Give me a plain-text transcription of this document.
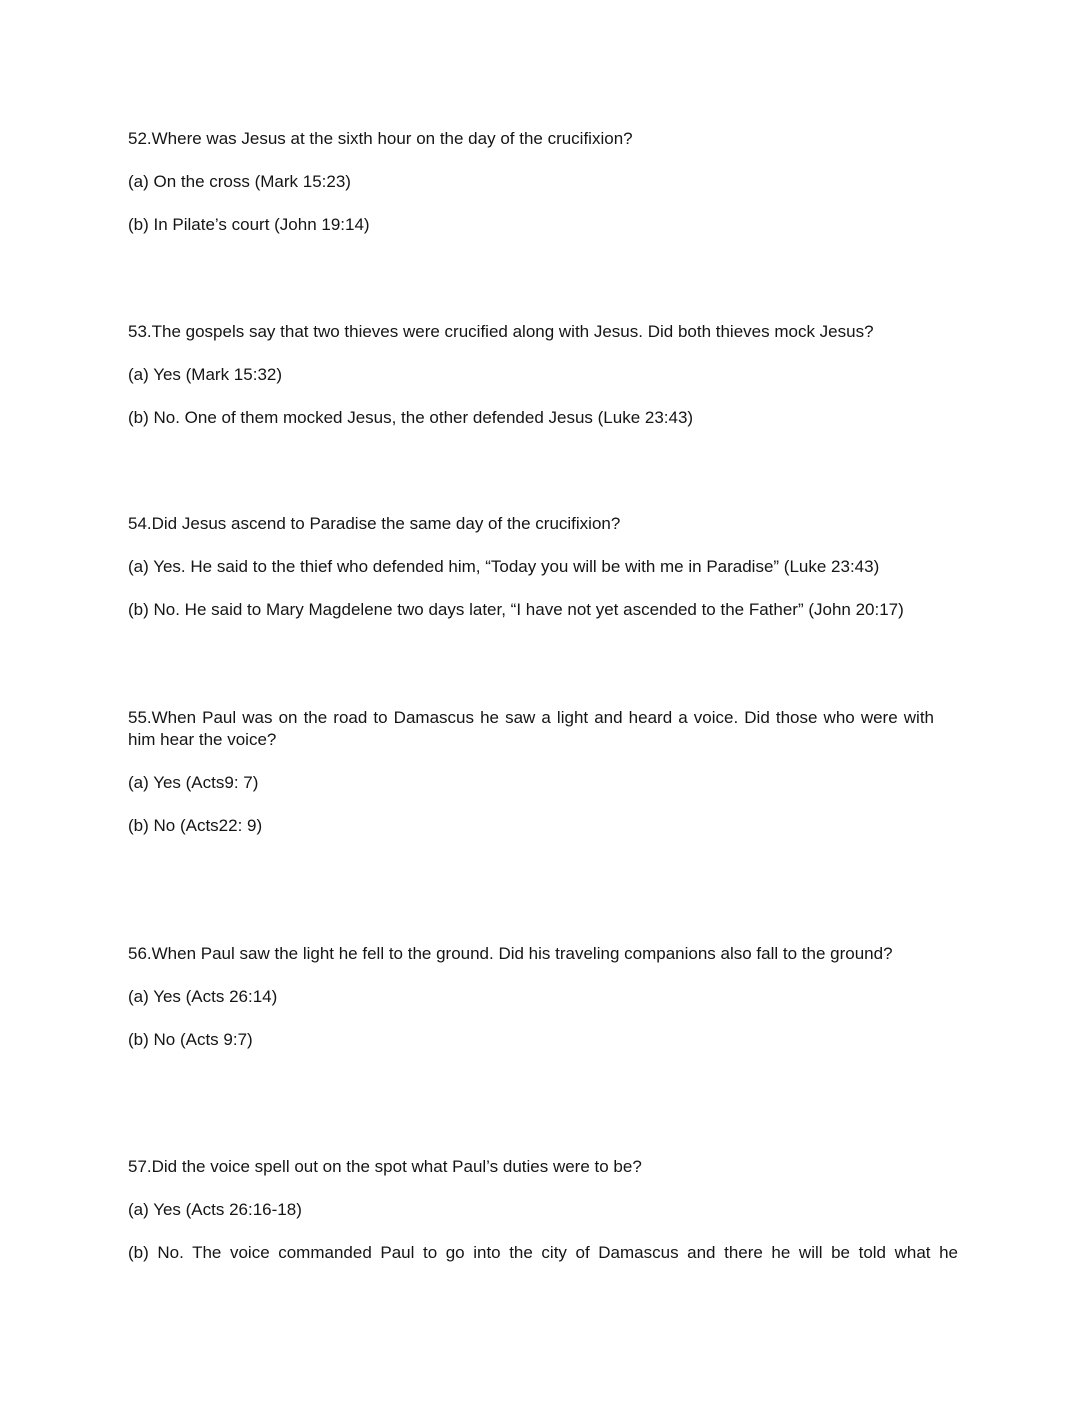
52.Where was Jesus at the sixth hour on the day of the crucifixion?

(a) On the cross (Mark 15:23)

(b) In Pilate’s court (John 19:14)

53.The gospels say that two thieves were crucified along with Jesus. Did both thieves mock Jesus?

(a) Yes (Mark 15:32)

(b) No. One of them mocked Jesus, the other defended Jesus (Luke 23:43)

54.Did Jesus ascend to Paradise the same day of the crucifixion?

(a) Yes. He said to the thief who defended him, “Today you will be with me in Paradise” (Luke 23:43)

(b) No. He said to Mary Magdelene two days later, “I have not yet ascended to the Father” (John 20:17)

55.When Paul was on the road to Damascus he saw a light and heard a voice. Did those who were with him hear the voice?

(a) Yes (Acts9: 7)

(b) No (Acts22: 9)

56.When Paul saw the light he fell to the ground. Did his traveling companions also fall to the ground?

(a) Yes (Acts 26:14)

(b) No (Acts 9:7)

57.Did the voice spell out on the spot what Paul’s duties were to be?

(a) Yes (Acts 26:16-18)

(b) No. The voice commanded Paul to go into the city of Damascus and there he will be told what he
